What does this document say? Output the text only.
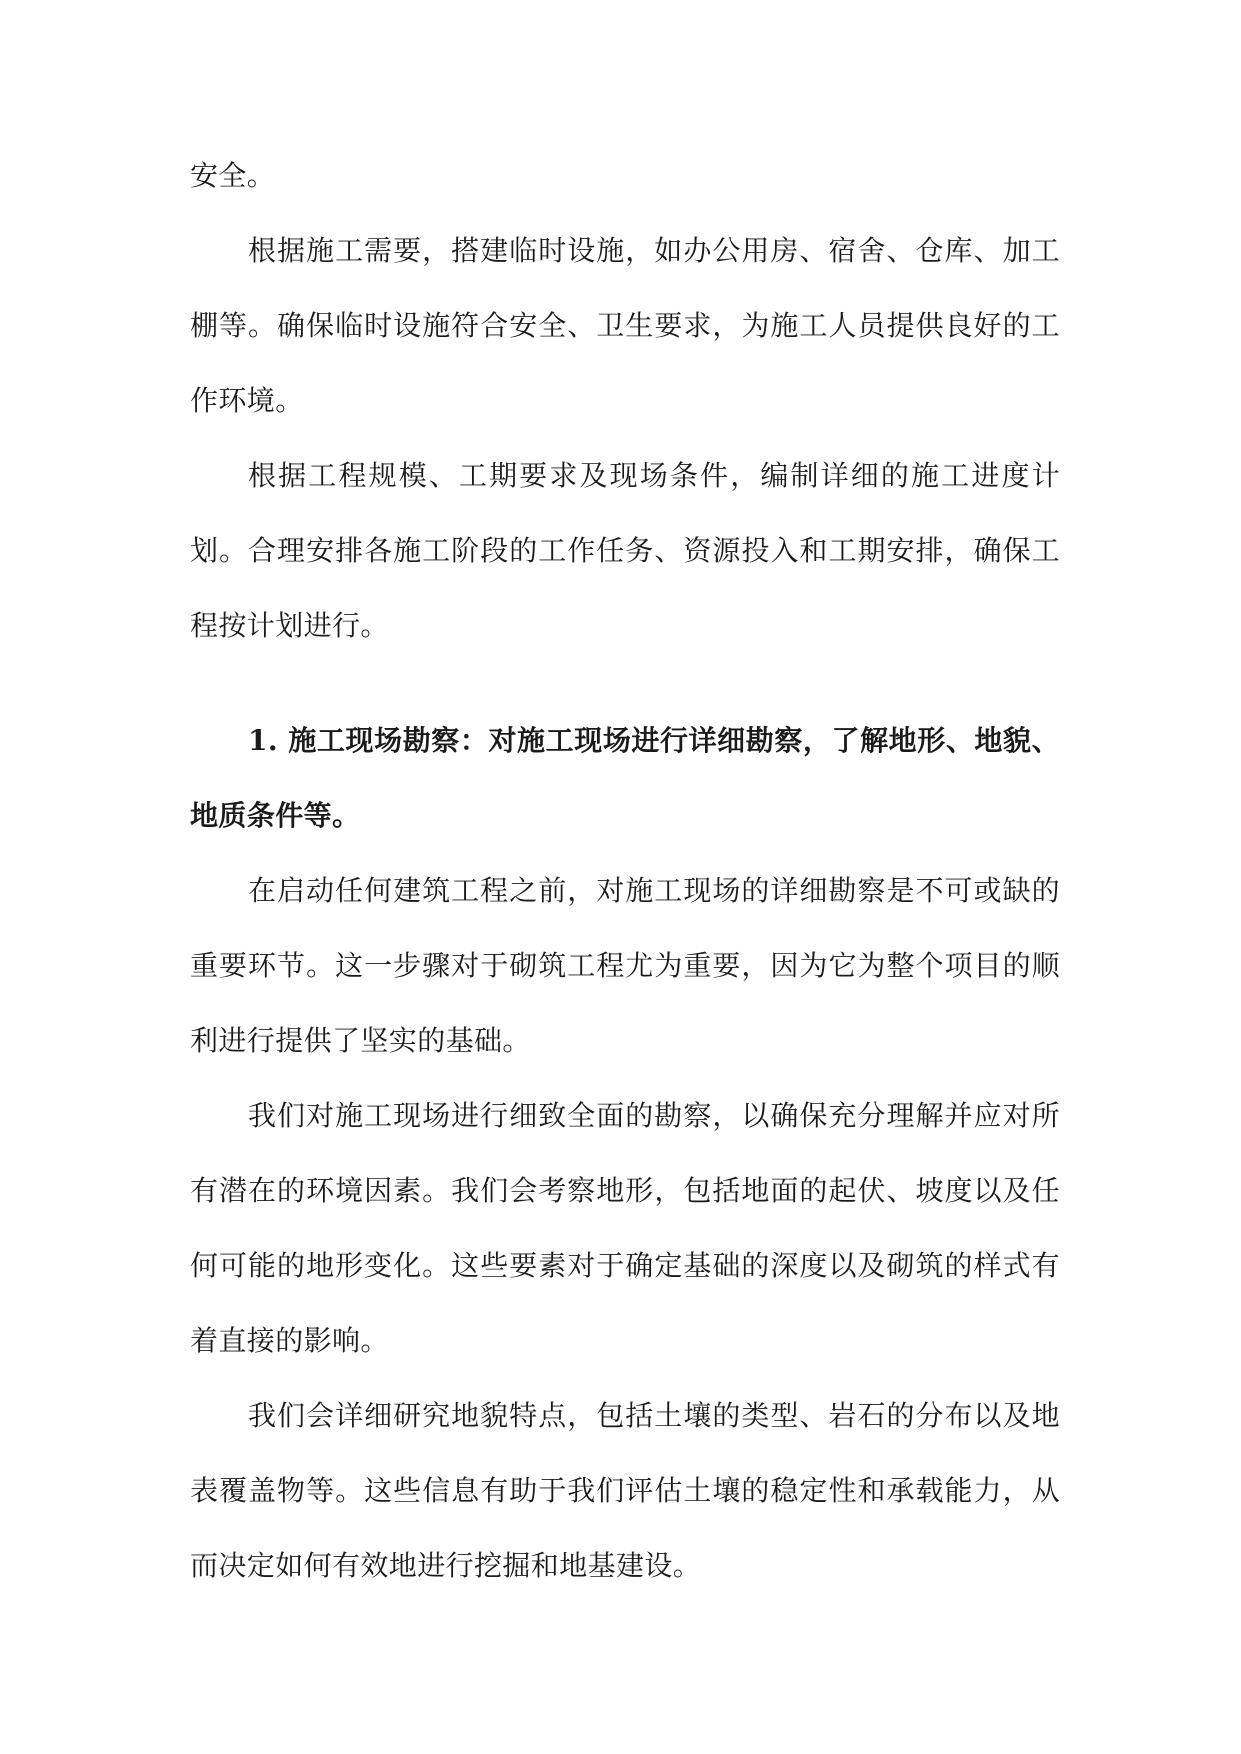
安全。

根据施工需要，搭建临时设施，如办公用房、宿舍、仓库、加工棚等。确保临时设施符合安全、卫生要求，为施工人员提供良好的工作环境。

根据工程规模、工期要求及现场条件，编制详细的施工进度计划。合理安排各施工阶段的工作任务、资源投入和工期安排，确保工程按计划进行。

1. 施工现场勘察：对施工现场进行详细勘察，了解地形、地貌、地质条件等。

在启动任何建筑工程之前，对施工现场的详细勘察是不可或缺的重要环节。这一步骤对于砌筑工程尤为重要，因为它为整个项目的顺利进行提供了坚实的基础。

我们对施工现场进行细致全面的勘察，以确保充分理解并应对所有潜在的环境因素。我们会考察地形，包括地面的起伏、坡度以及任何可能的地形变化。这些要素对于确定基础的深度以及砌筑的样式有着直接的影响。

我们会详细研究地貌特点，包括土壤的类型、岩石的分布以及地表覆盖物等。这些信息有助于我们评估土壤的稳定性和承载能力，从而决定如何有效地进行挖掘和地基建设。
